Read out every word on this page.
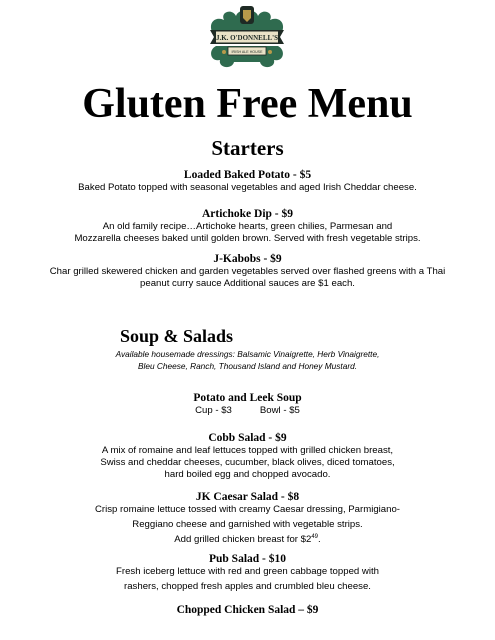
J.K. O'DONNELL'S
IRISH ALE HOUSE
Gluten Free Menu
Starters
Loaded Baked Potato - $5
Baked Potato topped with seasonal vegetables and aged Irish Cheddar cheese.
Artichoke Dip - $9
An old family recipe…Artichoke hearts, green chilies, Parmesan and
Mozzarella cheeses baked until golden brown. Served with fresh vegetable strips.
J-Kabobs - $9
Char grilled skewered chicken and garden vegetables served over flashed greens with a Thai
peanut curry sauce Additional sauces are $1 each.
Soup & Salads
Available housemade dressings: Balsamic Vinaigrette, Herb Vinaigrette,
Bleu Cheese, Ranch, Thousand Island and Honey Mustard.
Potato and Leek Soup
Cup - $3	Bowl - $5
Cobb Salad - $9
A mix of romaine and leaf lettuces topped with grilled chicken breast,
Swiss and cheddar cheeses, cucumber, black olives, diced tomatoes,
hard boiled egg and chopped avocado.
JK Caesar Salad - $8
Crisp romaine lettuce tossed with creamy Caesar dressing, Parmigiano-
Reggiano cheese and garnished with vegetable strips.
Add grilled chicken breast for $\$2^{49}$.
Pub Salad - $10
Fresh iceberg lettuce with red and green cabbage topped with
rashers, chopped fresh apples and crumbled bleu cheese.
Chopped Chicken Salad – $9
